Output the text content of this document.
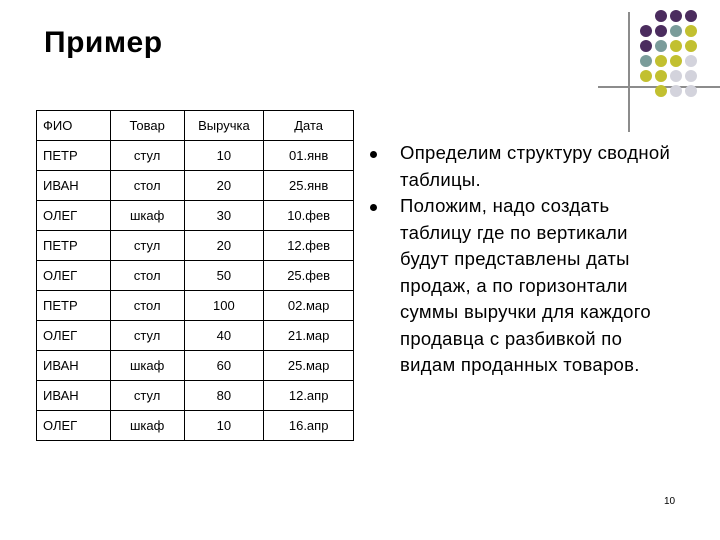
Пример
ФИО	Товар	Выручка	Дата
ПЕТР	стул	10	01.янв
ИВАН	стол	20	25.янв
ОЛЕГ	шкаф	30	10.фев
ПЕТР	стул	20	12.фев
ОЛЕГ	стол	50	25.фев
ПЕТР	стол	100	02.мар
ОЛЕГ	стул	40	21.мар
ИВАН	шкаф	60	25.мар
ИВАН	стул	80	12.апр
ОЛЕГ	шкаф	10	16.апр
Определим структуру сводной таблицы.
Положим, надо создать таблицу где по вертикали будут представлены даты продаж, а по горизонтали суммы выручки для каждого продавца с разбивкой по видам проданных товаров.
10
